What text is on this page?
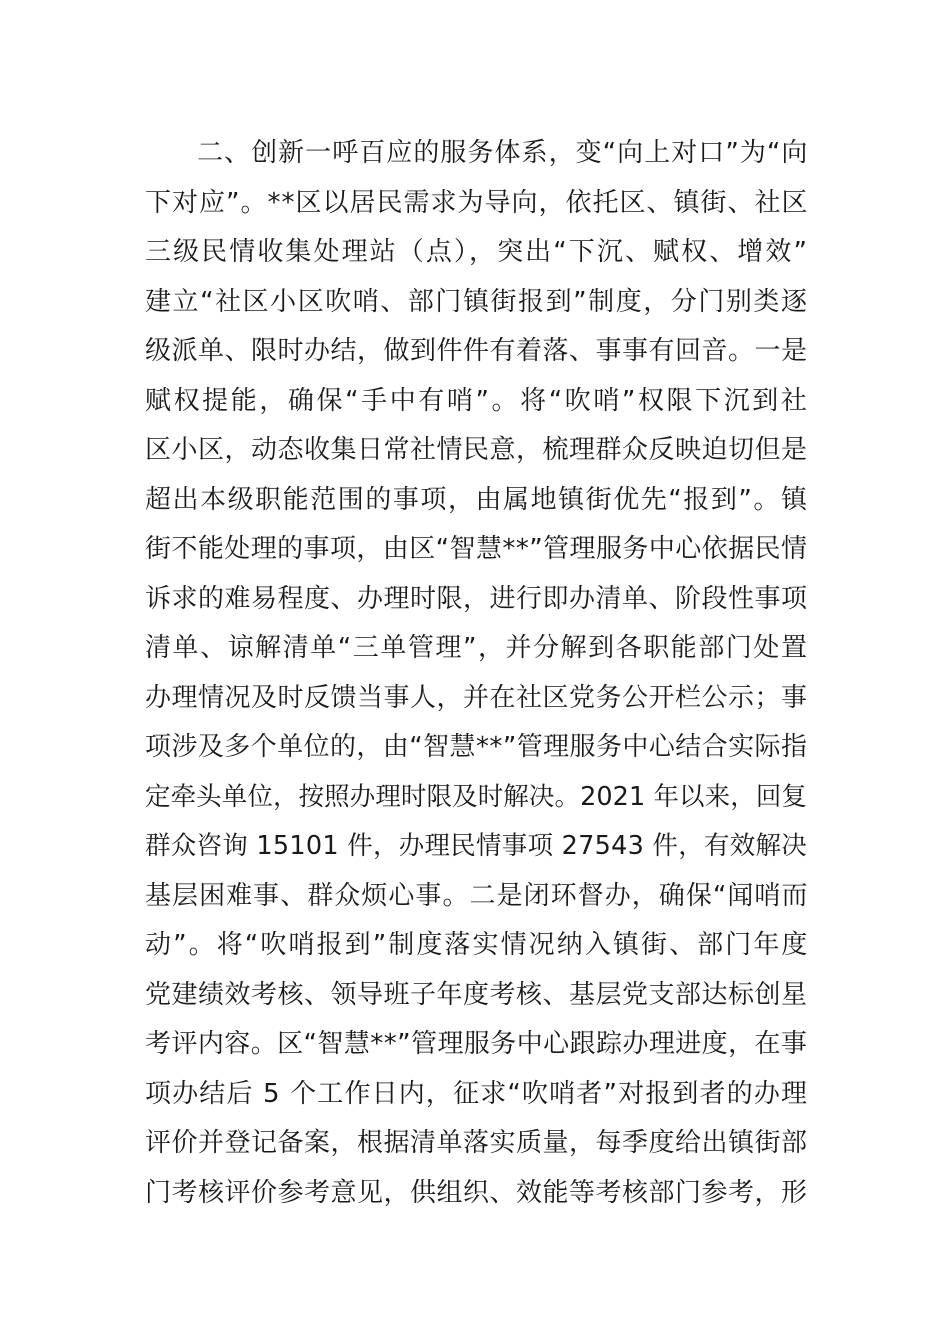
二、创新一呼百应的服务体系，变“向上对口”为“向
下对应”。**区以居民需求为导向，依托区、镇街、社区
三级民情收集处理站（点），突出“下沉、赋权、增效”
建立“社区小区吹哨、部门镇街报到”制度，分门别类逐
级派单、限时办结，做到件件有着落、事事有回音。一是
赋权提能，确保“手中有哨”。将“吹哨”权限下沉到社
区小区，动态收集日常社情民意，梳理群众反映迫切但是
超出本级职能范围的事项，由属地镇街优先“报到”。镇
街不能处理的事项，由区“智慧**”管理服务中心依据民情
诉求的难易程度、办理时限，进行即办清单、阶段性事项
清单、谅解清单“三单管理”，并分解到各职能部门处置
办理情况及时反馈当事人，并在社区党务公开栏公示；事
项涉及多个单位的，由“智慧**”管理服务中心结合实际指
定牵头单位，按照办理时限及时解决。2021 年以来，回复
群众咨询 15101 件，办理民情事项 27543 件，有效解决
基层困难事、群众烦心事。二是闭环督办，确保“闻哨而
动”。将“吹哨报到”制度落实情况纳入镇街、部门年度
党建绩效考核、领导班子年度考核、基层党支部达标创星
考评内容。区“智慧**”管理服务中心跟踪办理进度，在事
项办结后 5 个工作日内，征求“吹哨者”对报到者的办理
评价并登记备案，根据清单落实质量，每季度给出镇街部
门考核评价参考意见，供组织、效能等考核部门参考，形
